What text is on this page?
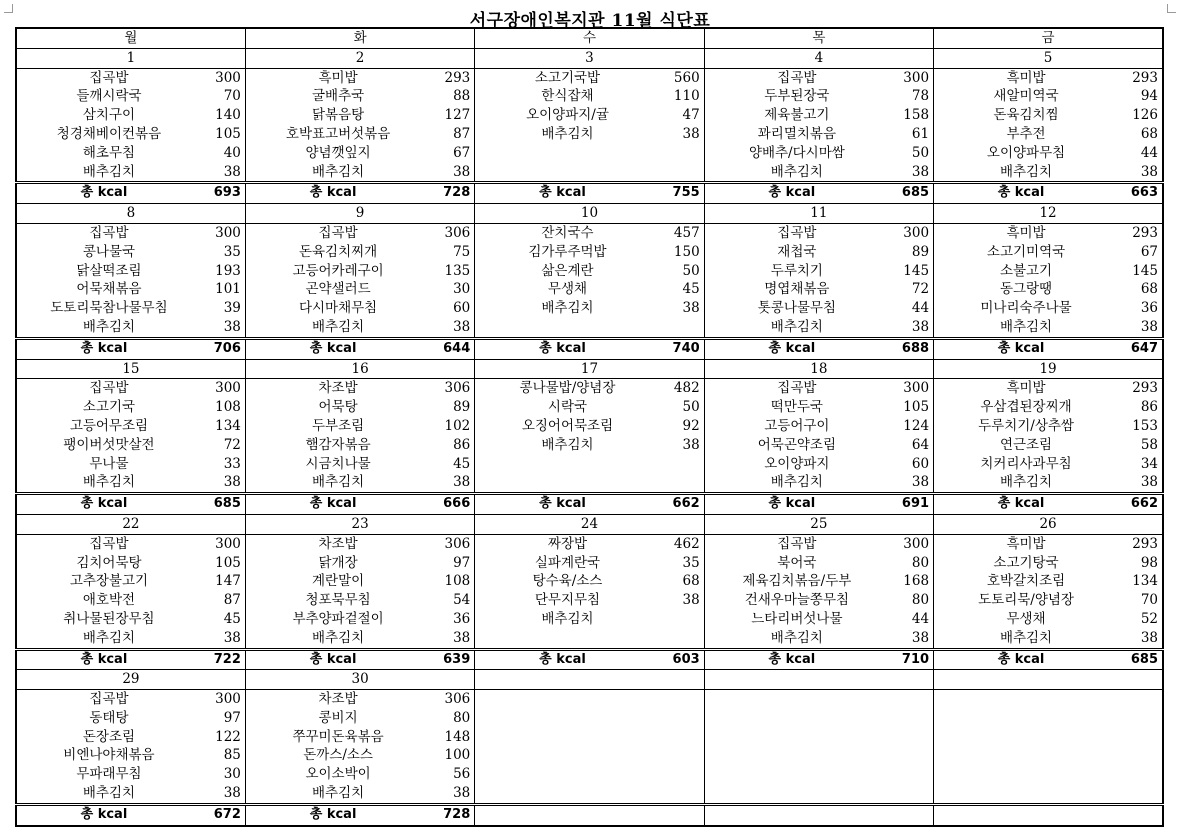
서구장애인복지관 11월 식단표
월	화	수	목	금
1	2	3	4	5

집곡밥 300	흑미밥 293	소고기국밥 560	집곡밥 300	흑미밥 293

들깨시락국 70	굴배추국 88	한식잡채 110	두부된장국 78	새알미역국 94

삼치구이 140	닭볶음탕 127	오이양파지/귤 47	제육불고기 158	돈육김치찜 126

청경채베이컨볶음 105	호박표고버섯볶음 87	배추김치 38	꽈리멸치볶음 61	부추전 68

해초무침 40	양념깻잎지 67		양배추/다시마쌈 50	오이양파무침 44

배추김치 38	배추김치 38		배추김치 38	배추김치 38

총 kcal 693	총 kcal 728	총 kcal 755	총 kcal 685	총 kcal 663

8	9	10	11	12

집곡밥 300	집곡밥 306	잔치국수 457	집곡밥 300	흑미밥 293

콩나물국 35	돈육김치찌개 75	김가루주먹밥 150	재첩국 89	소고기미역국 67

닭살떡조림 193	고등어카레구이 135	삶은계란 50	두루치기 145	소불고기 145

어묵채볶음 101	곤약샐러드 30	무생채 45	명엽채볶음 72	동그랑땡 68

도토리묵참나물무침 39	다시마채무침 60	배추김치 38	톳콩나물무침 44	미나리숙주나물 36

배추김치 38	배추김치 38		배추김치 38	배추김치 38

총 kcal 706	총 kcal 644	총 kcal 740	총 kcal 688	총 kcal 647

15	16	17	18	19

집곡밥 300	차조밥 306	콩나물밥/양념장 482	집곡밥 300	흑미밥 293

소고기국 108	어묵탕 89	시락국 50	떡만두국 105	우삼겹된장찌개 86

고등어무조림 134	두부조림 102	오징어어묵조림 92	고등어구이 124	두루치기/상추쌈 153

팽이버섯맛살전 72	햄감자볶음 86	배추김치 38	어묵곤약조림 64	연근조림 58

무나물 33	시금치나물 45		오이양파지 60	치커리사과무침 34

배추김치 38	배추김치 38		배추김치 38	배추김치 38

총 kcal 685	총 kcal 666	총 kcal 662	총 kcal 691	총 kcal 662

22	23	24	25	26

집곡밥 300	차조밥 306	짜장밥 462	집곡밥 300	흑미밥 293

김치어묵탕 105	닭개장 97	실파계란국 35	북어국 80	소고기탕국 98

고추장불고기 147	계란말이 108	탕수육/소스 68	제육김치볶음/두부 168	호박갈치조림 134

애호박전 87	청포묵무침 54	단무지무침 38	건새우마늘쫑무침 80	도토리묵/양념장 70

취나물된장무침 45	부추양파겉절이 36	배추김치	느타리버섯나물 44	무생채 52

배추김치 38	배추김치 38		배추김치 38	배추김치 38

총 kcal 722	총 kcal 639	총 kcal 603	총 kcal 710	총 kcal 685

29	30			

집곡밥 300	차조밥 306			

동태탕 97	콩비지 80			

돈장조림 122	쭈꾸미돈육볶음 148			

비엔나야채볶음 85	돈까스/소스 100			

무파래무침 30	오이소박이 56			

배추김치 38	배추김치 38			

총 kcal 672	총 kcal 728			
